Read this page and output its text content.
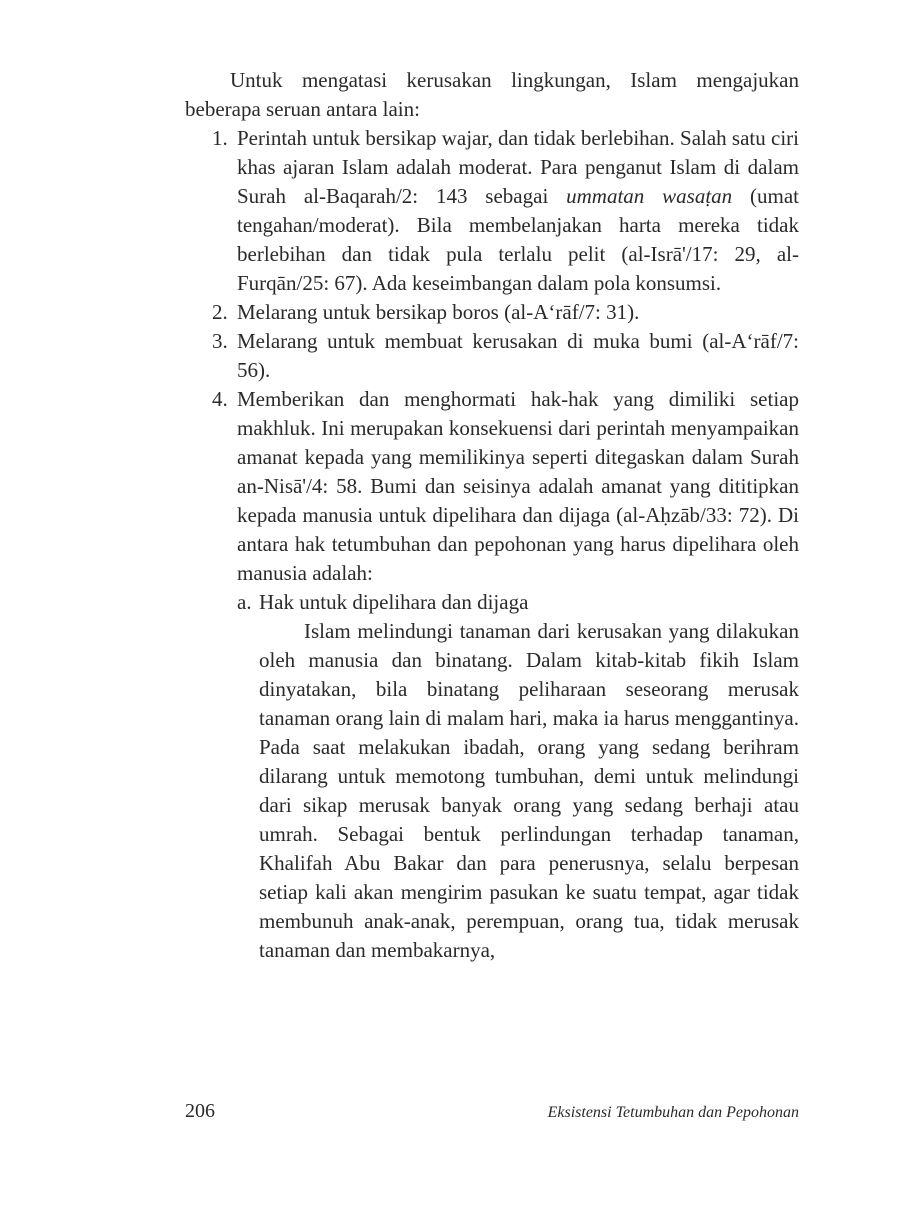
Untuk mengatasi kerusakan lingkungan, Islam mengajukan beberapa seruan antara lain:

1. Perintah untuk bersikap wajar, dan tidak berlebihan. Salah satu ciri khas ajaran Islam adalah moderat. Para penganut Islam di dalam Surah al-Baqarah/2: 143 sebagai ummatan wasaṭan (umat tengahan/moderat). Bila membelanjakan harta mereka tidak berlebihan dan tidak pula terlalu pelit (al-Isrā'/17: 29, al-Furqān/25: 67). Ada keseimbangan dalam pola konsumsi.
2. Melarang untuk bersikap boros (al-A‘rāf/7: 31).
3. Melarang untuk membuat kerusakan di muka bumi (al-A‘rāf/7: 56).
4. Memberikan dan menghormati hak-hak yang dimiliki setiap makhluk. Ini merupakan konsekuensi dari perintah menyampaikan amanat kepada yang memilikinya seperti ditegaskan dalam Surah an-Nisā'/4: 58. Bumi dan seisinya adalah amanat yang dititipkan kepada manusia untuk dipelihara dan dijaga (al-Aḥzāb/33: 72). Di antara hak tetumbuhan dan pepohonan yang harus dipelihara oleh manusia adalah:
a. Hak untuk dipelihara dan dijaga

Islam melindungi tanaman dari kerusakan yang dilakukan oleh manusia dan binatang. Dalam kitab-kitab fikih Islam dinyatakan, bila binatang peliharaan seseorang merusak tanaman orang lain di malam hari, maka ia harus menggantinya. Pada saat melakukan ibadah, orang yang sedang berihram dilarang untuk memotong tumbuhan, demi untuk melindungi dari sikap merusak banyak orang yang sedang berhaji atau umrah. Sebagai bentuk perlindungan terhadap tanaman, Khalifah Abu Bakar dan para penerusnya, selalu berpesan setiap kali akan mengirim pasukan ke suatu tempat, agar tidak membunuh anak-anak, perempuan, orang tua, tidak merusak tanaman dan membakarnya,

206	Eksistensi Tetumbuhan dan Pepohonan
